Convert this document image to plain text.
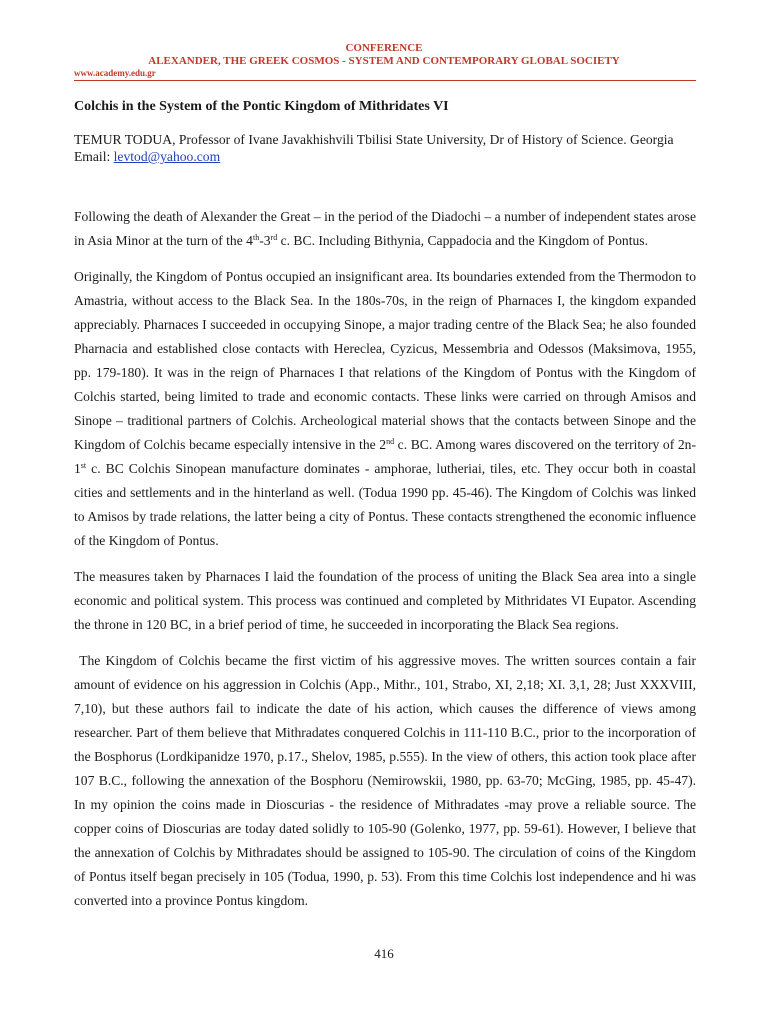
CONFERENCE
ALEXANDER, THE GREEK COSMOS - SYSTEM AND CONTEMPORARY GLOBAL SOCIETY
www.academy.edu.gr
Colchis in the System of the Pontic Kingdom of Mithridates VI
TEMUR TODUA, Professor of Ivane Javakhishvili Tbilisi State University, Dr of History of Science. Georgia
Email: levtod@yahoo.com

Following the death of Alexander the Great – in the period of the Diadochi – a number of independent states arose in Asia Minor at the turn of the 4th-3rd c. BC. Including Bithynia, Cappadocia and the Kingdom of Pontus.

Originally, the Kingdom of Pontus occupied an insignificant area. Its boundaries extended from the Thermodon to Amastria, without access to the Black Sea. In the 180s-70s, in the reign of Pharnaces I, the kingdom expanded appreciably. Pharnaces I succeeded in occupying Sinope, a major trading centre of the Black Sea; he also founded Pharnacia and established close contacts with Hereclea, Cyzicus, Messembria and Odessos (Maksimova, 1955, pp. 179-180). It was in the reign of Pharnaces I that relations of the Kingdom of Pontus with the Kingdom of Colchis started, being limited to trade and economic contacts. These links were carried on through Amisos and Sinope – traditional partners of Colchis. Archeological material shows that the contacts between Sinope and the Kingdom of Colchis became especially intensive in the 2nd c. BC. Among wares discovered on the territory of 2n-1st c. BC Colchis Sinopean manufacture dominates - amphorae, lutheriai, tiles, etc. They occur both in coastal cities and settlements and in the hinterland as well. (Todua 1990 pp. 45-46). The Kingdom of Colchis was linked to Amisos by trade relations, the latter being a city of Pontus. These contacts strengthened the economic influence of the Kingdom of Pontus.

The measures taken by Pharnaces I laid the foundation of the process of uniting the Black Sea area into a single economic and political system. This process was continued and completed by Mithridates VI Eupator. Ascending the throne in 120 BC, in a brief period of time, he succeeded in incorporating the Black Sea regions.

The Kingdom of Colchis became the first victim of his aggressive moves. The written sources contain a fair amount of evidence on his aggression in Colchis (App., Mithr., 101, Strabo, XI, 2,18; XI. 3,1, 28; Just XXXVIII, 7,10), but these authors fail to indicate the date of his action, which causes the difference of views among researcher. Part of them believe that Mithradates conquered Colchis in 111-110 B.C., prior to the incorporation of the Bosphorus (Lordkipanidze 1970, p.17., Shelov, 1985, p.555). In the view of others, this action took place after 107 B.C., following the annexation of the Bosphoru (Nemirowskii, 1980, pp. 63-70; McGing, 1985, pp. 45-47). In my opinion the coins made in Dioscurias - the residence of Mithradates -may prove a reliable source. The copper coins of Dioscurias are today dated solidly to 105-90 (Golenko, 1977, pp. 59-61). However, I believe that the annexation of Colchis by Mithradates should be assigned to 105-90. The circulation of coins of the Kingdom of Pontus itself began precisely in 105 (Todua, 1990, p. 53). From this time Colchis lost independence and hi was converted into a province Pontus kingdom.

416
